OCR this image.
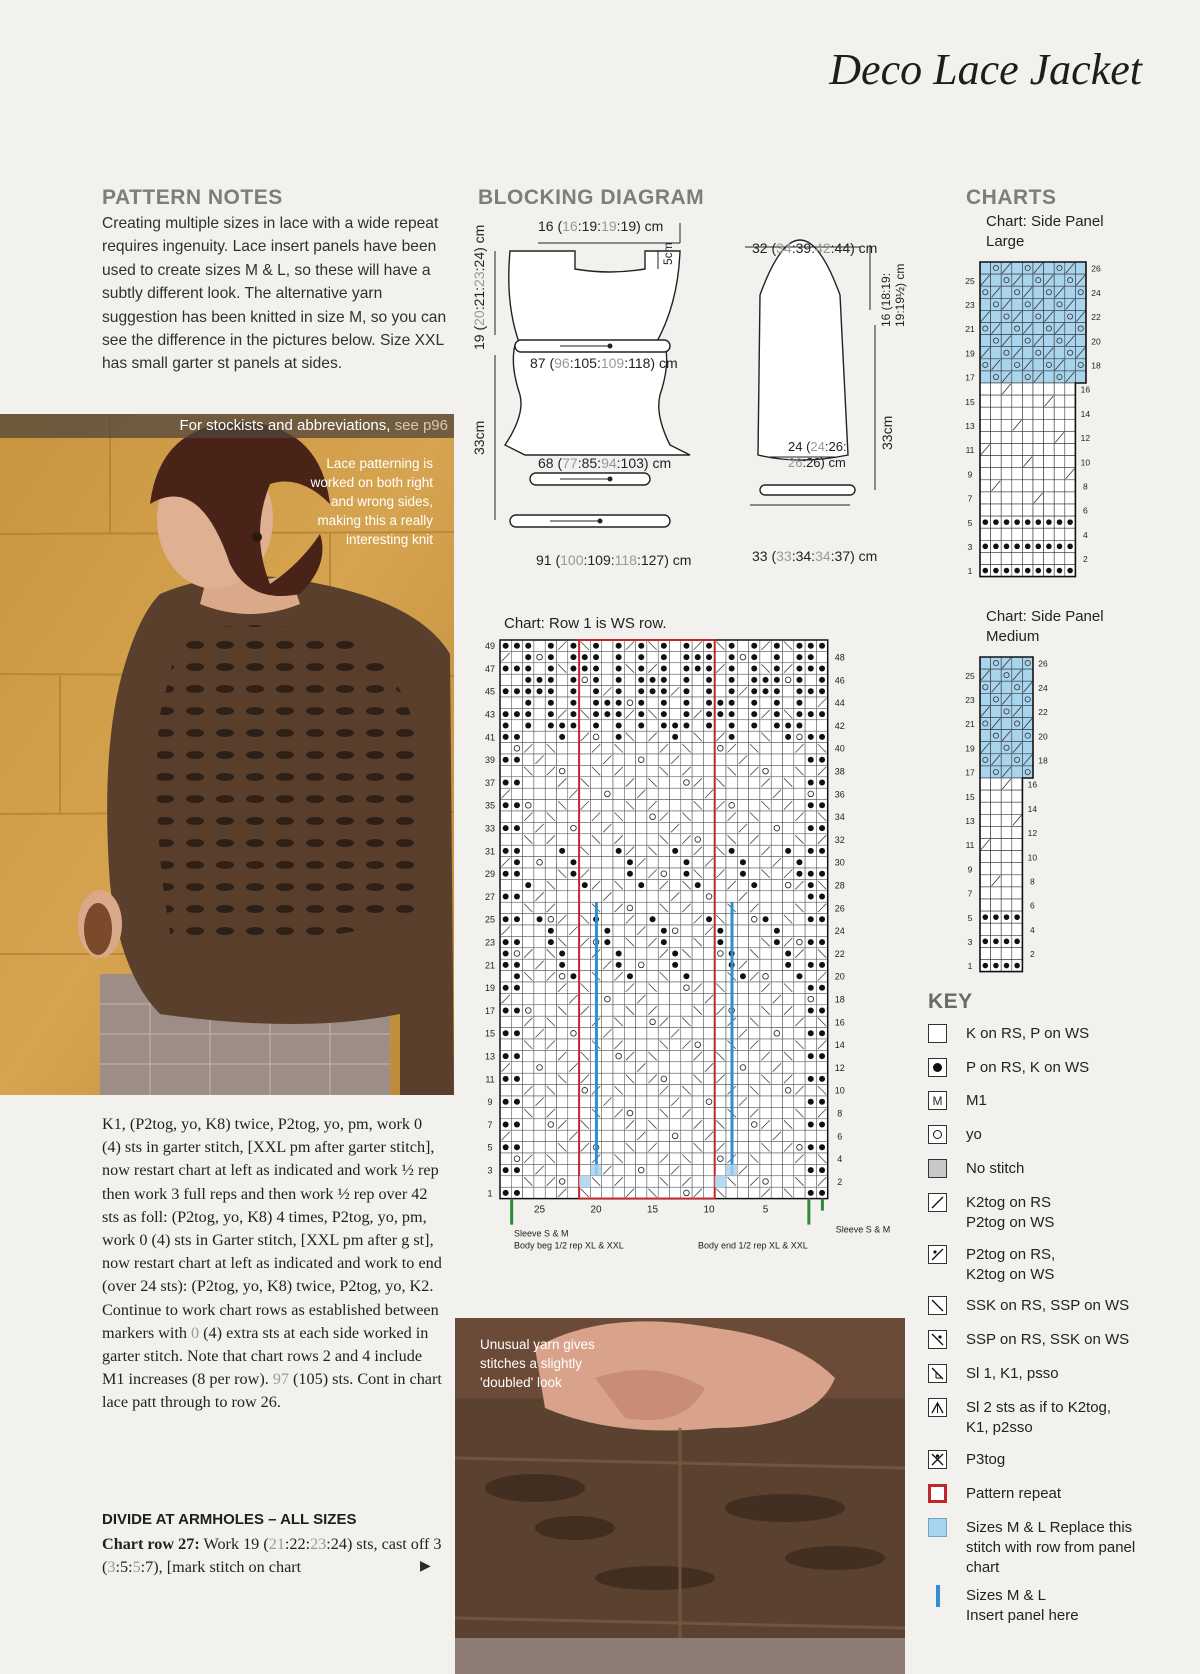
Deco Lace Jacket
PATTERN NOTES
Creating multiple sizes in lace with a wide repeat requires ingenuity. Lace insert panels have been used to create sizes M & L, so these will have a subtly different look. The alternative yarn suggestion has been knitted in size M, so you can see the difference in the pictures below. Size XXL has small garter st panels at sides.
For stockists and abbreviations, see p96
Lace patterning is worked on both right and wrong sides, making this a really interesting knit
K1, (P2tog, yo, K8) twice, P2tog, yo, pm, work 0 (4) sts in garter stitch, [XXL pm after garter stitch], now restart chart at left as indicated and work ½ rep then work 3 full reps and then work ½ rep over 42 sts as foll: (P2tog, yo, K8) 4 times, P2tog, yo, pm, work 0 (4) sts in Garter stitch, [XXL pm after g st], now restart chart at left as indicated and work to end (over 24 sts): (P2tog, yo, K8) twice, P2tog, yo, K2. Continue to work chart rows as established between markers with 0 (4) extra sts at each side worked in garter stitch. Note that chart rows 2 and 4 include M1 increases (8 per row). 97 (105) sts. Cont in chart lace patt through to row 26.
DIVIDE AT ARMHOLES – ALL SIZES
Chart row 27: Work 19 (21:22:23:24) sts, cast off 3 (3:5:5:7), [mark stitch on chart	▶
BLOCKING DIAGRAM
16 (16:19:19:19) cm
5cm
19 (20:21:23:24) cm
33cm
87 (96:105:109:118) cm
68 (77:85:94:103) cm
91 (100:109:118:127) cm
32 (34:39:42:44) cm
16 (18:19: 19:19½) cm
33cm
24 (24:26:
26:26) cm
33 (33:34:34:37) cm
Chart: Row 1 is WS row.
49
47
45
43
41
39
37
35
33
31
29
27
25
23
21
19
17
15
13
11
9
7
5
3
1
48
46
44
42
40
38
36
34
32
30
28
26
24
22
20
18
16
14
12
10
8
6
4
2
25	20	15	10	5
Sleeve S & M
Body beg 1/2 rep XL & XXL	Body end 1/2 rep XL & XXL
Sleeve S & M
CHARTS
Chart: Side Panel
Large
25
23
21
19
17
15
13
11
9
7
5
3
1
26
24
22
20
18
16
14
12
10
8
6
4
2
Chart: Side Panel
Medium
25
23
21
19
17
15
13
11
9
7
5
3
1
26
24
22
20
18
16
14
12
10
8
6
4
2
KEY
K on RS, P on WS
P on RS, K on WS
M	M1
yo
No stitch
K2tog on RS P2tog on WS
P2tog on RS, K2tog on WS
SSK on RS, SSP on WS
SSP on RS, SSK on WS
Sl 1, K1, psso
Sl 2 sts as if to K2tog, K1, p2sso
P3tog
Pattern repeat
Sizes M & L Replace this stitch with row from panel chart
Sizes M & L Insert panel here
Unusual yarn gives stitches a slightly 'doubled' look
